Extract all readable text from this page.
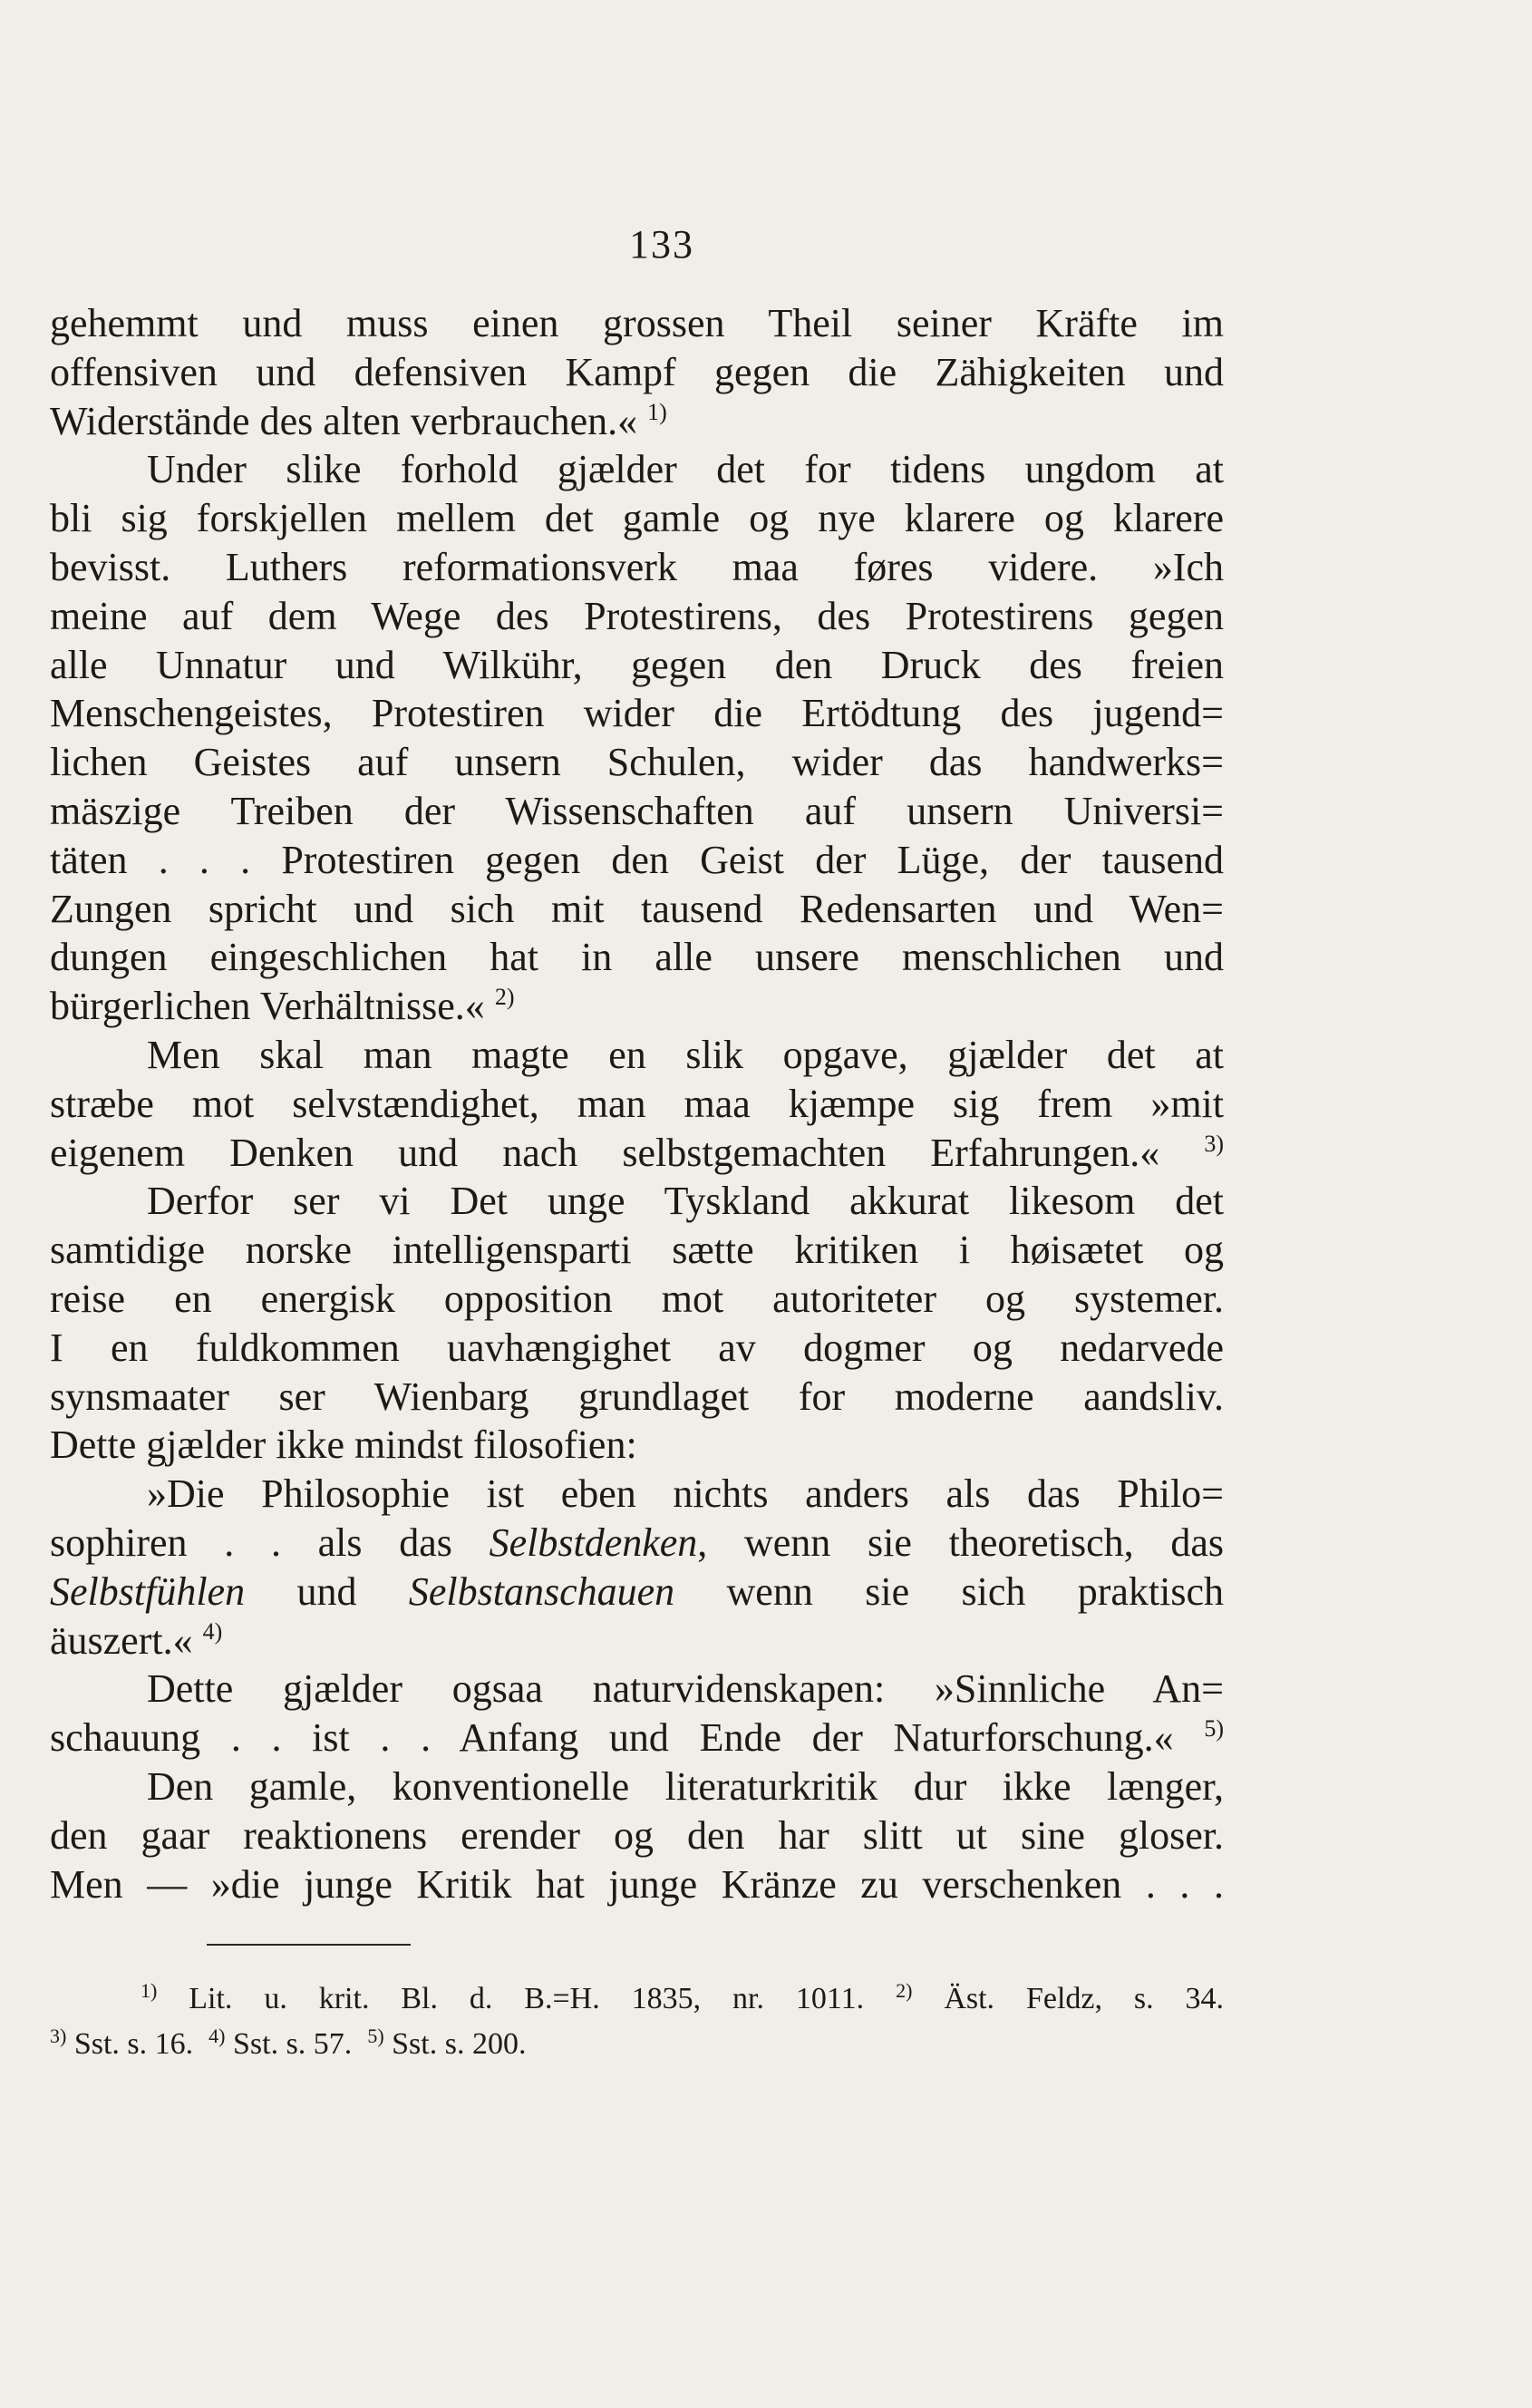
133
gehemmt und muss einen grossen Theil seiner Kräfte im
offensiven und defensiven Kampf gegen die Zähigkeiten und
Widerstände des alten verbrauchen.« $^{1)}$
Under slike forhold gjælder det for tidens ungdom at
bli sig forskjellen mellem det gamle og nye klarere og klarere
bevisst. Luthers reformationsverk maa føres videre. »Ich
meine auf dem Wege des Protestirens, des Protestirens gegen
alle Unnatur und Wilkühr, gegen den Druck des freien
Menschengeistes, Protestiren wider die Ertödtung des jugend=
lichen Geistes auf unsern Schulen, wider das handwerks=
mäszige Treiben der Wissenschaften auf unsern Universi=
täten . . . Protestiren gegen den Geist der Lüge, der tausend
Zungen spricht und sich mit tausend Redensarten und Wen=
dungen eingeschlichen hat in alle unsere menschlichen und
bürgerlichen Verhältnisse.« $^{2)}$
Men skal man magte en slik opgave, gjælder det at
stræbe mot selvstændighet, man maa kjæmpe sig frem »mit
eigenem Denken und nach selbstgemachten Erfahrungen.« $^{3)}$
Derfor ser vi Det unge Tyskland akkurat likesom det
samtidige norske intelligensparti sætte kritiken i høisætet og
reise en energisk opposition mot autoriteter og systemer.
I en fuldkommen uavhængighet av dogmer og nedarvede
synsmaater ser Wienbarg grundlaget for moderne aandsliv.
Dette gjælder ikke mindst filosofien:
»Die Philosophie ist eben nichts anders als das Philo=
sophiren . . als das Selbstdenken, wenn sie theoretisch, das
Selbstfühlen und Selbstanschauen wenn sie sich praktisch
äuszert.« $^{4)}$
Dette gjælder ogsaa naturvidenskapen: »Sinnliche An=
schauung . . ist . . Anfang und Ende der Naturforschung.« $^{5)}$
Den gamle, konventionelle literaturkritik dur ikke længer,
den gaar reaktionens erender og den har slitt ut sine gloser.
Men — »die junge Kritik hat junge Kränze zu verschenken . . .
$^{1)}$ Lit. u. krit. Bl. d. B.=H. 1835, nr. 1011. $^{2)}$ Äst. Feldz, s. 34.
$^{3)}$ Sst. s. 16. $^{4)}$ Sst. s. 57. $^{5)}$ Sst. s. 200.
